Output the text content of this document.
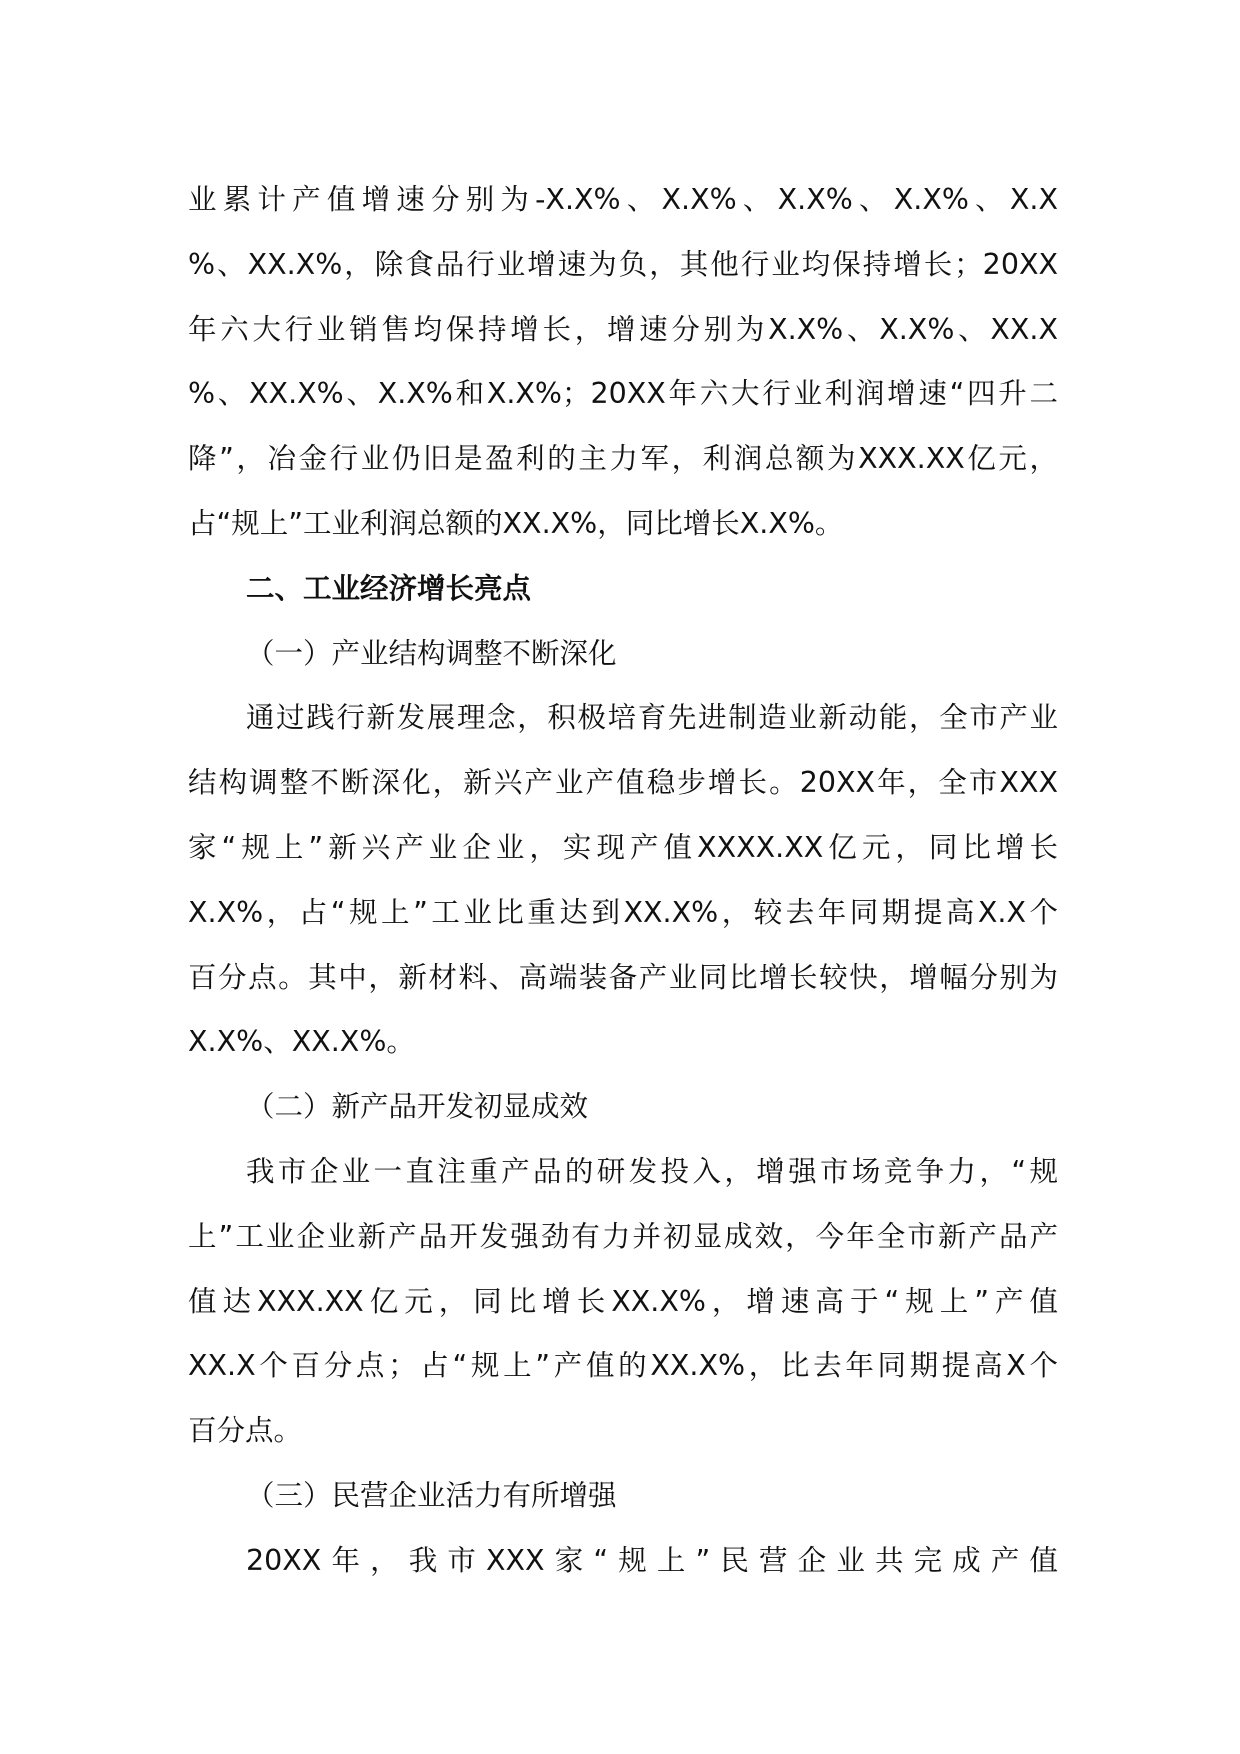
业累计产值增速分别为-X.X%、X.X%、X.X%、X.X%、X.X
%、XX.X%，除食品行业增速为负，其他行业均保持增长；20XX
年六大行业销售均保持增长，增速分别为X.X%、X.X%、XX.X
%、XX.X%、X.X%和X.X%；20XX年六大行业利润增速“四升二
降”，冶金行业仍旧是盈利的主力军，利润总额为XXX.XX亿元，
占“规上”工业利润总额的XX.X%，同比增长X.X%。
二、工业经济增长亮点
（一）产业结构调整不断深化
通过践行新发展理念，积极培育先进制造业新动能，全市产业
结构调整不断深化，新兴产业产值稳步增长。20XX年，全市XXX
家“规上”新兴产业企业，实现产值XXXX.XX亿元，同比增长
X.X%，占“规上”工业比重达到XX.X%，较去年同期提高X.X个
百分点。其中，新材料、高端装备产业同比增长较快，增幅分别为
X.X%、XX.X%。
（二）新产品开发初显成效
我市企业一直注重产品的研发投入，增强市场竞争力，“规
上”工业企业新产品开发强劲有力并初显成效，今年全市新产品产
值达XXX.XX亿元，同比增长XX.X%，增速高于“规上”产值
XX.X个百分点；占“规上”产值的XX.X%，比去年同期提高X个
百分点。
（三）民营企业活力有所增强
20XX年，我市XXX家“规上”民营企业共完成产值
